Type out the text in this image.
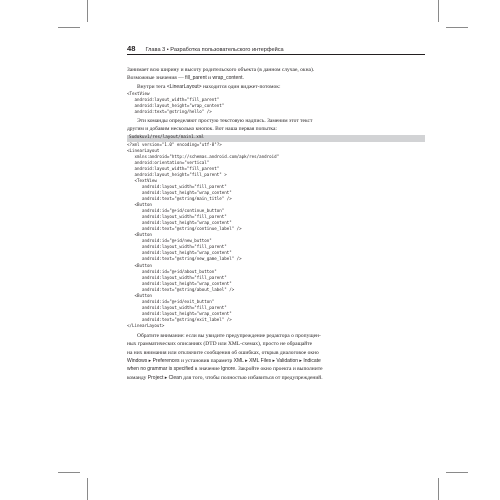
48 Глава 3 • Разработка пользовательского интерфейса

Занимает всю ширину и высоту родительского объекта (в данном случае, окна).
Возможные значения — fill_parent и wrap_content.

Внутри тега <LinearLayout> находится один виджет-потомок:

<TextView
android:layout_width="fill_parent"
android:layout_height="wrap_content"
android:text="@string/hello" />

Эти команды определяют простую текстовую надпись. Заменим этот текст
другим и добавим несколько кнопок. Вот наша первая попытка:

Sudokuv1/res/layout/main1.xml
<?xml version="1.0" encoding="utf-8"?>
<LinearLayout
xmlns:android="http://schemas.android.com/apk/res/android"
android:orientation="vertical"
android:layout_width="fill_parent"
android:layout_height="fill_parent" >
<TextView
android:layout_width="fill_parent"
android:layout_height="wrap_content"
android:text="@string/main_title" />
<Button
android:id="@+id/continue_button"
android:layout_width="fill_parent"
android:layout_height="wrap_content"
android:text="@string/continue_label" />
<Button
android:id="@+id/new_button"
android:layout_width="fill_parent"
android:layout_height="wrap_content"
android:text="@string/new_game_label" />
<Button
android:id="@+id/about_button"
android:layout_width="fill_parent"
android:layout_height="wrap_content"
android:text="@string/about_label" />
<Button
android:id="@+id/exit_button"
android:layout_width="fill_parent"
android:layout_height="wrap_content"
android:text="@string/exit_label" />
</LinearLayout>

Обратите внимание: если вы увидите предупреждение редактора о пропущен-
ных грамматических описаниях (DTD или XML-схемах), просто не обращайте
на них внимания или отключите сообщения об ошибках, открыв диалоговое окно
Windows ▸ Preferences и установив параметр XML ▸ XML Files ▸ Validation ▸ Indicate
when no grammar is specified в значение Ignore. Закройте окно проекта и выполните
команду Project ▸ Clean для того, чтобы полностью избавиться от предупреждений.
